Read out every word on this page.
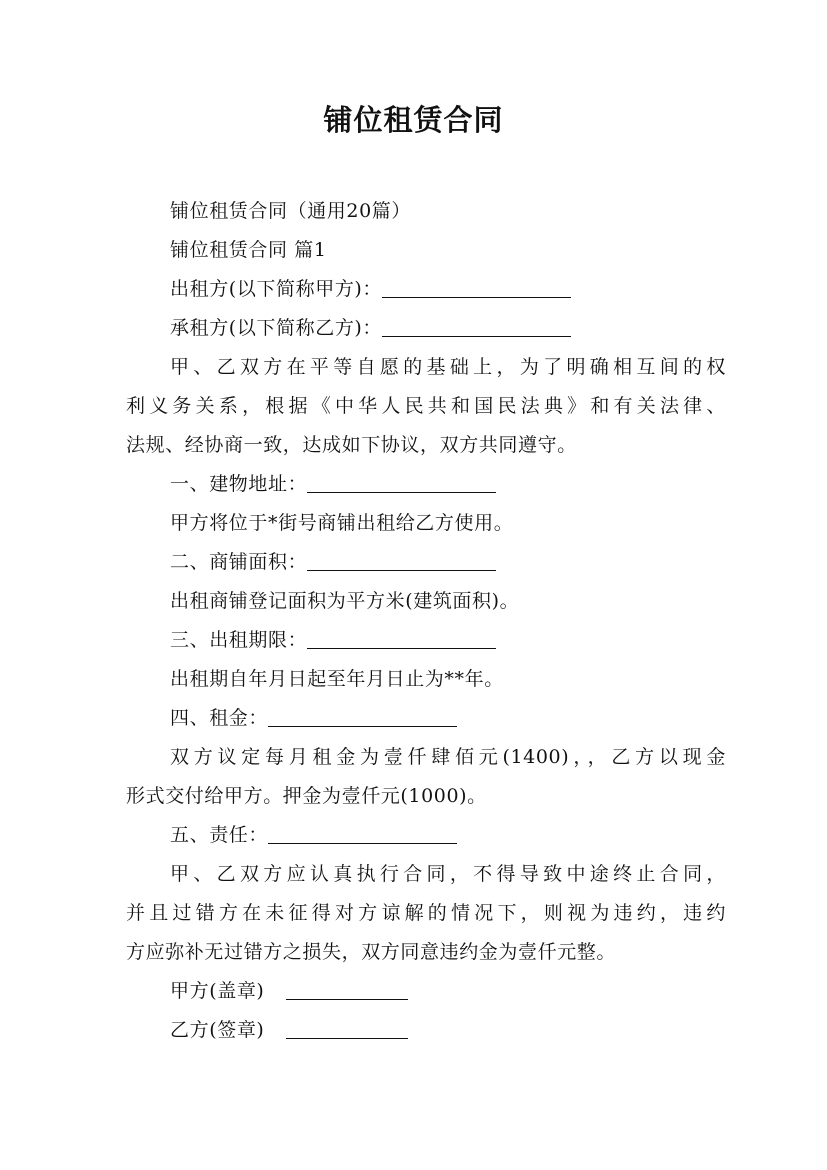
铺位租赁合同
铺位租赁合同（通用20篇）
铺位租赁合同 篇1
出租方(以下简称甲方)：
承租方(以下简称乙方)：
甲、乙双方在平等自愿的基础上，为了明确相互间的权
利义务关系，根据《中华人民共和国民法典》和有关法律、
法规、经协商一致，达成如下协议，双方共同遵守。
一、建物地址：
甲方将位于*街号商铺出租给乙方使用。
二、商铺面积：
出租商铺登记面积为平方米(建筑面积)。
三、出租期限：
出租期自年月日起至年月日止为**年。
四、租金：
双方议定每月租金为壹仟肆佰元(1400)，，乙方以现金
形式交付给甲方。押金为壹仟元(1000)。
五、责任：
甲、乙双方应认真执行合同，不得导致中途终止合同，
并且过错方在未征得对方谅解的情况下，则视为违约，违约
方应弥补无过错方之损失，双方同意违约金为壹仟元整。
甲方(盖章)
乙方(签章)
